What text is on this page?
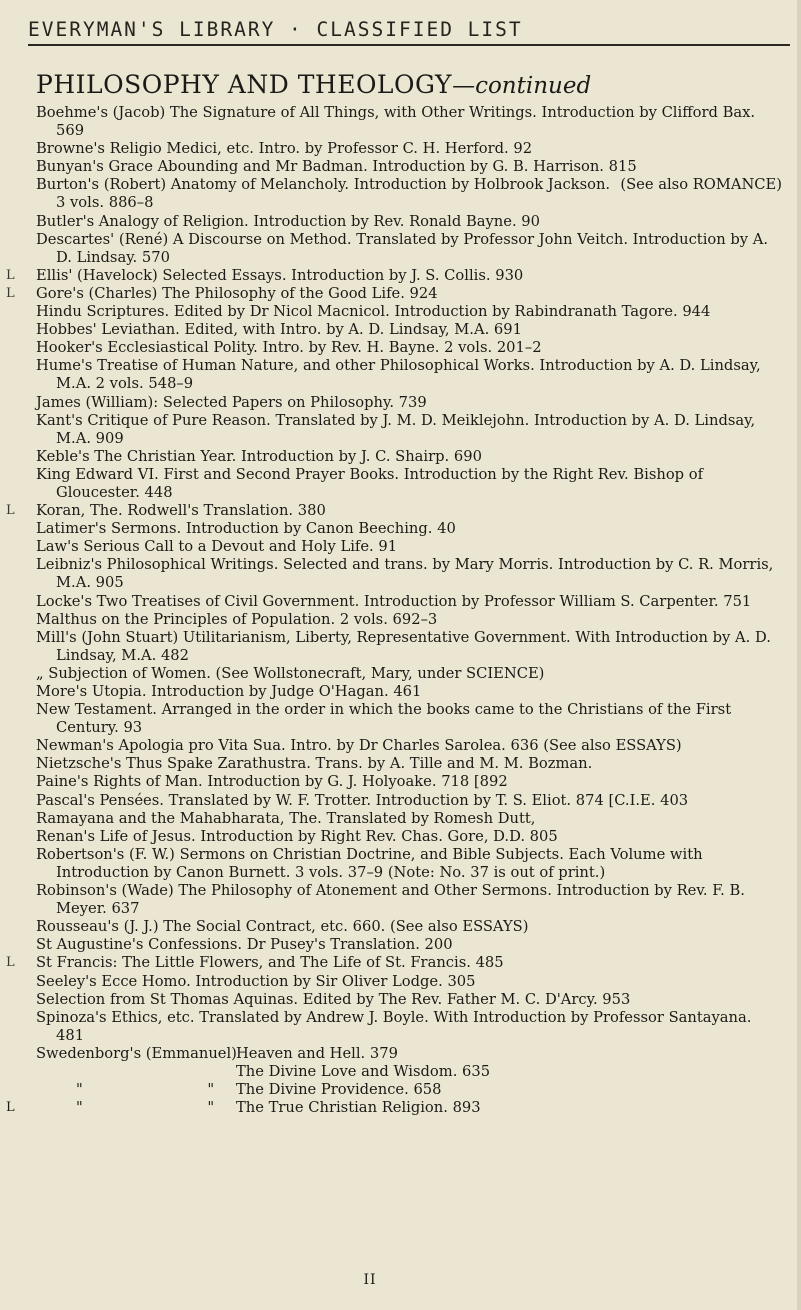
EVERYMAN'S LIBRARY · CLASSIFIED LIST
PHILOSOPHY AND THEOLOGY—continued
Boehme's (Jacob) The Signature of All Things, with Other Writings. Introduction by Clifford Bax. 569
Browne's Religio Medici, etc. Intro. by Professor C. H. Herford. 92
Bunyan's Grace Abounding and Mr Badman. Introduction by G. B. Harrison. 815
(See also ROMANCE)
Burton's (Robert) Anatomy of Melancholy. Introduction by Holbrook Jackson. 3 vols. 886–8
Butler's Analogy of Religion. Introduction by Rev. Ronald Bayne. 90
Descartes' (René) A Discourse on Method. Translated by Professor John Veitch. Introduction by A. D. Lindsay. 570
L Ellis' (Havelock) Selected Essays. Introduction by J. S. Collis. 930
L Gore's (Charles) The Philosophy of the Good Life. 924
Hindu Scriptures. Edited by Dr Nicol Macnicol. Introduction by Rabindranath Tagore. 944
Hobbes' Leviathan. Edited, with Intro. by A. D. Lindsay, M.A. 691
Hooker's Ecclesiastical Polity. Intro. by Rev. H. Bayne. 2 vols. 201–2
Hume's Treatise of Human Nature, and other Philosophical Works. Introduction by A. D. Lindsay, M.A. 2 vols. 548–9
James (William): Selected Papers on Philosophy. 739
Kant's Critique of Pure Reason. Translated by J. M. D. Meiklejohn. Introduction by A. D. Lindsay, M.A. 909
Keble's The Christian Year. Introduction by J. C. Shairp. 690
King Edward VI. First and Second Prayer Books. Introduction by the Right Rev. Bishop of Gloucester. 448
L Koran, The. Rodwell's Translation. 380
Latimer's Sermons. Introduction by Canon Beeching. 40
Law's Serious Call to a Devout and Holy Life. 91
Leibniz's Philosophical Writings. Selected and trans. by Mary Morris. Introduction by C. R. Morris, M.A. 905
Locke's Two Treatises of Civil Government. Introduction by Professor William S. Carpenter. 751
Malthus on the Principles of Population. 2 vols. 692–3
Mill's (John Stuart) Utilitarianism, Liberty, Representative Government. With Introduction by A. D. Lindsay, M.A. 482
„ Subjection of Women. (See Wollstonecraft, Mary, under SCIENCE)
More's Utopia. Introduction by Judge O'Hagan. 461
New Testament. Arranged in the order in which the books came to the Christians of the First Century. 93
Newman's Apologia pro Vita Sua. Intro. by Dr Charles Sarolea. 636 (See also ESSAYS)
Nietzsche's Thus Spake Zarathustra. Trans. by A. Tille and M. M. Bozman.
Paine's Rights of Man. Introduction by G. J. Holyoake. 718 [892
Pascal's Pensées. Translated by W. F. Trotter. Introduction by T. S. Eliot. 874 [C.I.E. 403
Ramayana and the Mahabharata, The. Translated by Romesh Dutt,
Renan's Life of Jesus. Introduction by Right Rev. Chas. Gore, D.D. 805
Robertson's (F. W.) Sermons on Christian Doctrine, and Bible Subjects. Each Volume with Introduction by Canon Burnett. 3 vols. 37–9 (Note: No. 37 is out of print.)
Robinson's (Wade) The Philosophy of Atonement and Other Sermons. Introduction by Rev. F. B. Meyer. 637
Rousseau's (J. J.) The Social Contract, etc. 660. (See also ESSAYS)
St Augustine's Confessions. Dr Pusey's Translation. 200
L St Francis: The Little Flowers, and The Life of St. Francis. 485
Seeley's Ecce Homo. Introduction by Sir Oliver Lodge. 305
Selection from St Thomas Aquinas. Edited by The Rev. Father M. C. D'Arcy. 953
Spinoza's Ethics, etc. Translated by Andrew J. Boyle. With Introduction by Professor Santayana. 481
Swedenborg's (Emmanuel) Heaven and Hell. 379
The Divine Love and Wisdom. 635
" "
The Divine Providence. 658
L	" "
The True Christian Religion. 893
II
